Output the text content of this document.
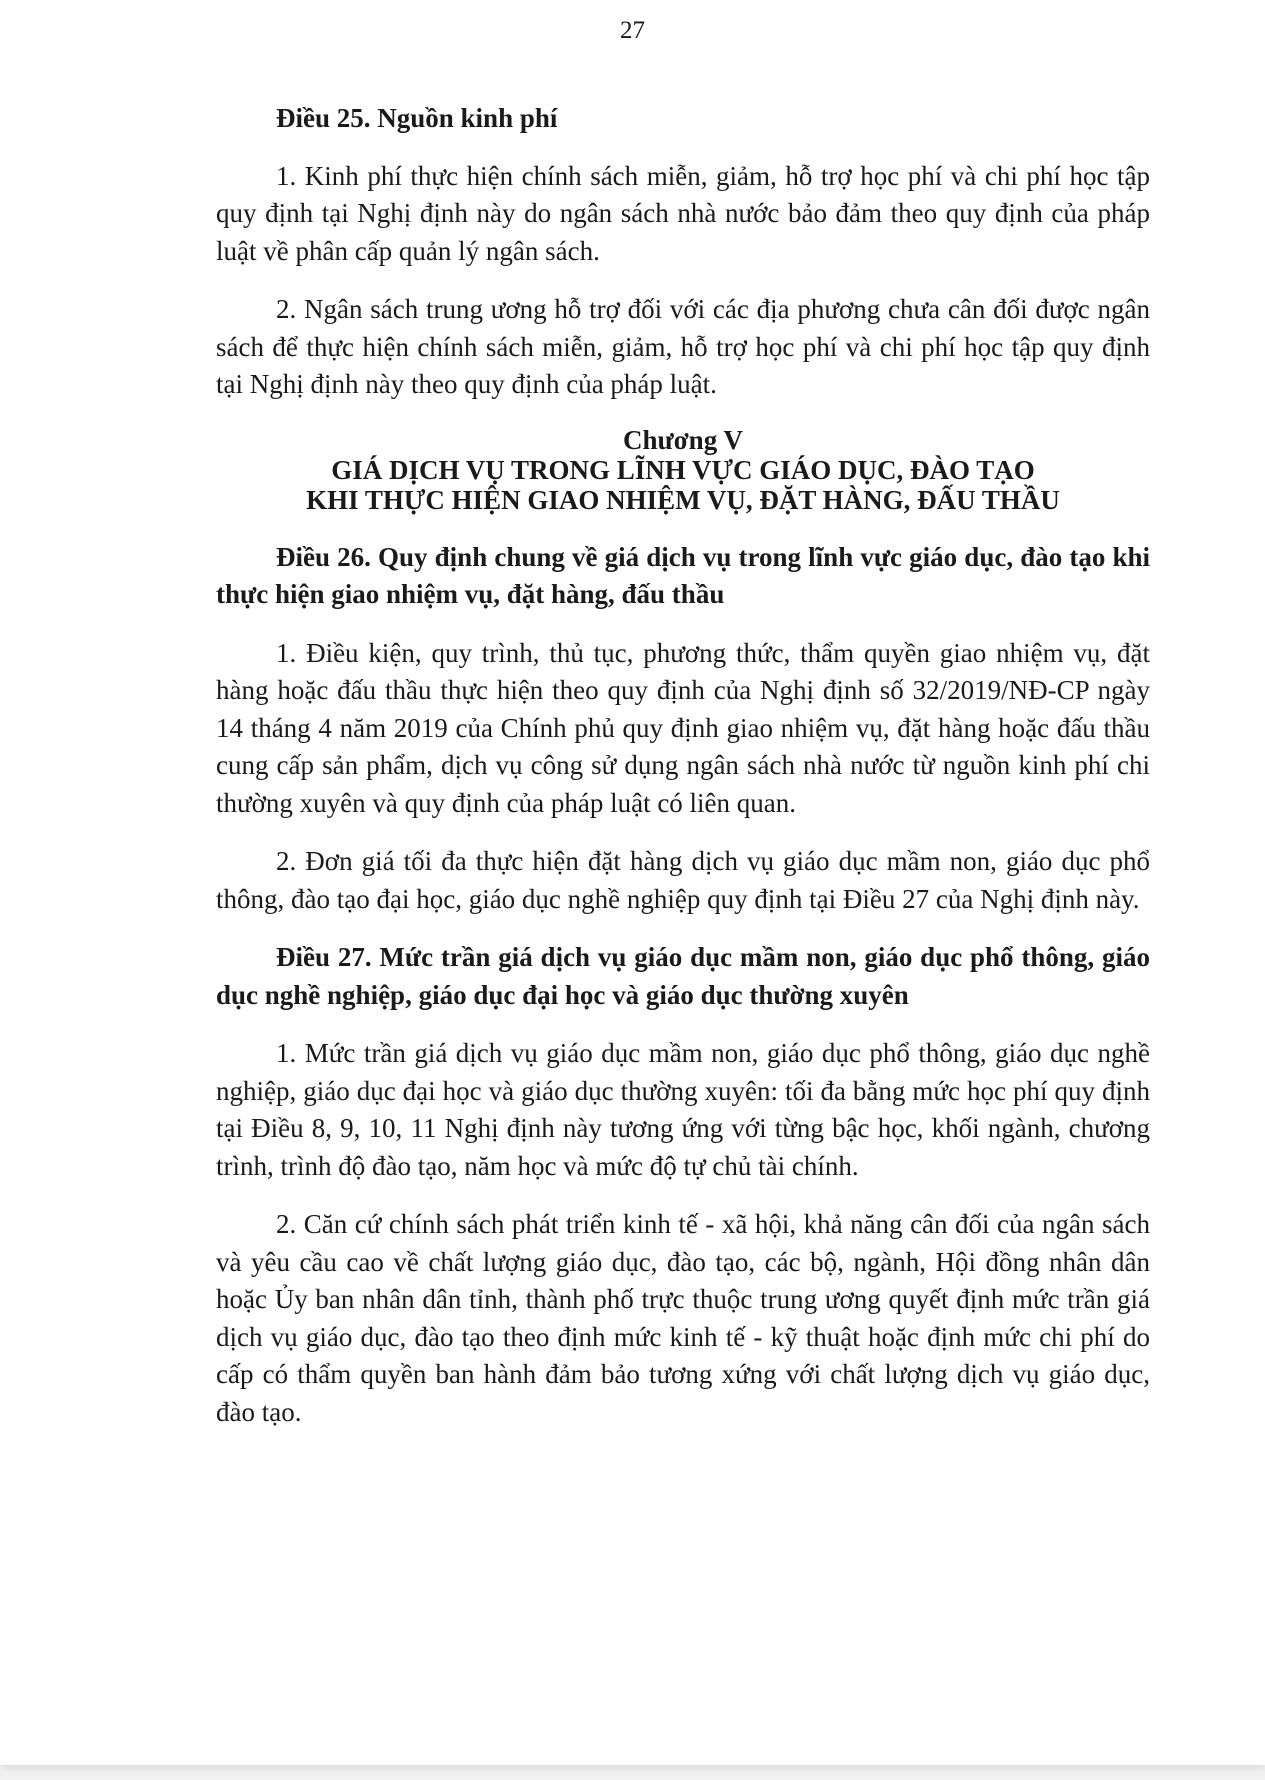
27

Điều 25. Nguồn kinh phí

1. Kinh phí thực hiện chính sách miễn, giảm, hỗ trợ học phí và chi phí học tập quy định tại Nghị định này do ngân sách nhà nước bảo đảm theo quy định của pháp luật về phân cấp quản lý ngân sách.

2. Ngân sách trung ương hỗ trợ đối với các địa phương chưa cân đối được ngân sách để thực hiện chính sách miễn, giảm, hỗ trợ học phí và chi phí học tập quy định tại Nghị định này theo quy định của pháp luật.

Chương V
GIÁ DỊCH VỤ TRONG LĨNH VỰC GIÁO DỤC, ĐÀO TẠO
KHI THỰC HIỆN GIAO NHIỆM VỤ, ĐẶT HÀNG, ĐẤU THẦU

Điều 26. Quy định chung về giá dịch vụ trong lĩnh vực giáo dục, đào tạo khi thực hiện giao nhiệm vụ, đặt hàng, đấu thầu

1. Điều kiện, quy trình, thủ tục, phương thức, thẩm quyền giao nhiệm vụ, đặt hàng hoặc đấu thầu thực hiện theo quy định của Nghị định số 32/2019/NĐ-CP ngày 14 tháng 4 năm 2019 của Chính phủ quy định giao nhiệm vụ, đặt hàng hoặc đấu thầu cung cấp sản phẩm, dịch vụ công sử dụng ngân sách nhà nước từ nguồn kinh phí chi thường xuyên và quy định của pháp luật có liên quan.

2. Đơn giá tối đa thực hiện đặt hàng dịch vụ giáo dục mầm non, giáo dục phổ thông, đào tạo đại học, giáo dục nghề nghiệp quy định tại Điều 27 của Nghị định này.

Điều 27. Mức trần giá dịch vụ giáo dục mầm non, giáo dục phổ thông, giáo dục nghề nghiệp, giáo dục đại học và giáo dục thường xuyên

1. Mức trần giá dịch vụ giáo dục mầm non, giáo dục phổ thông, giáo dục nghề nghiệp, giáo dục đại học và giáo dục thường xuyên: tối đa bằng mức học phí quy định tại Điều 8, 9, 10, 11 Nghị định này tương ứng với từng bậc học, khối ngành, chương trình, trình độ đào tạo, năm học và mức độ tự chủ tài chính.

2. Căn cứ chính sách phát triển kinh tế - xã hội, khả năng cân đối của ngân sách và yêu cầu cao về chất lượng giáo dục, đào tạo, các bộ, ngành, Hội đồng nhân dân hoặc Ủy ban nhân dân tỉnh, thành phố trực thuộc trung ương quyết định mức trần giá dịch vụ giáo dục, đào tạo theo định mức kinh tế - kỹ thuật hoặc định mức chi phí do cấp có thẩm quyền ban hành đảm bảo tương xứng với chất lượng dịch vụ giáo dục, đào tạo.
